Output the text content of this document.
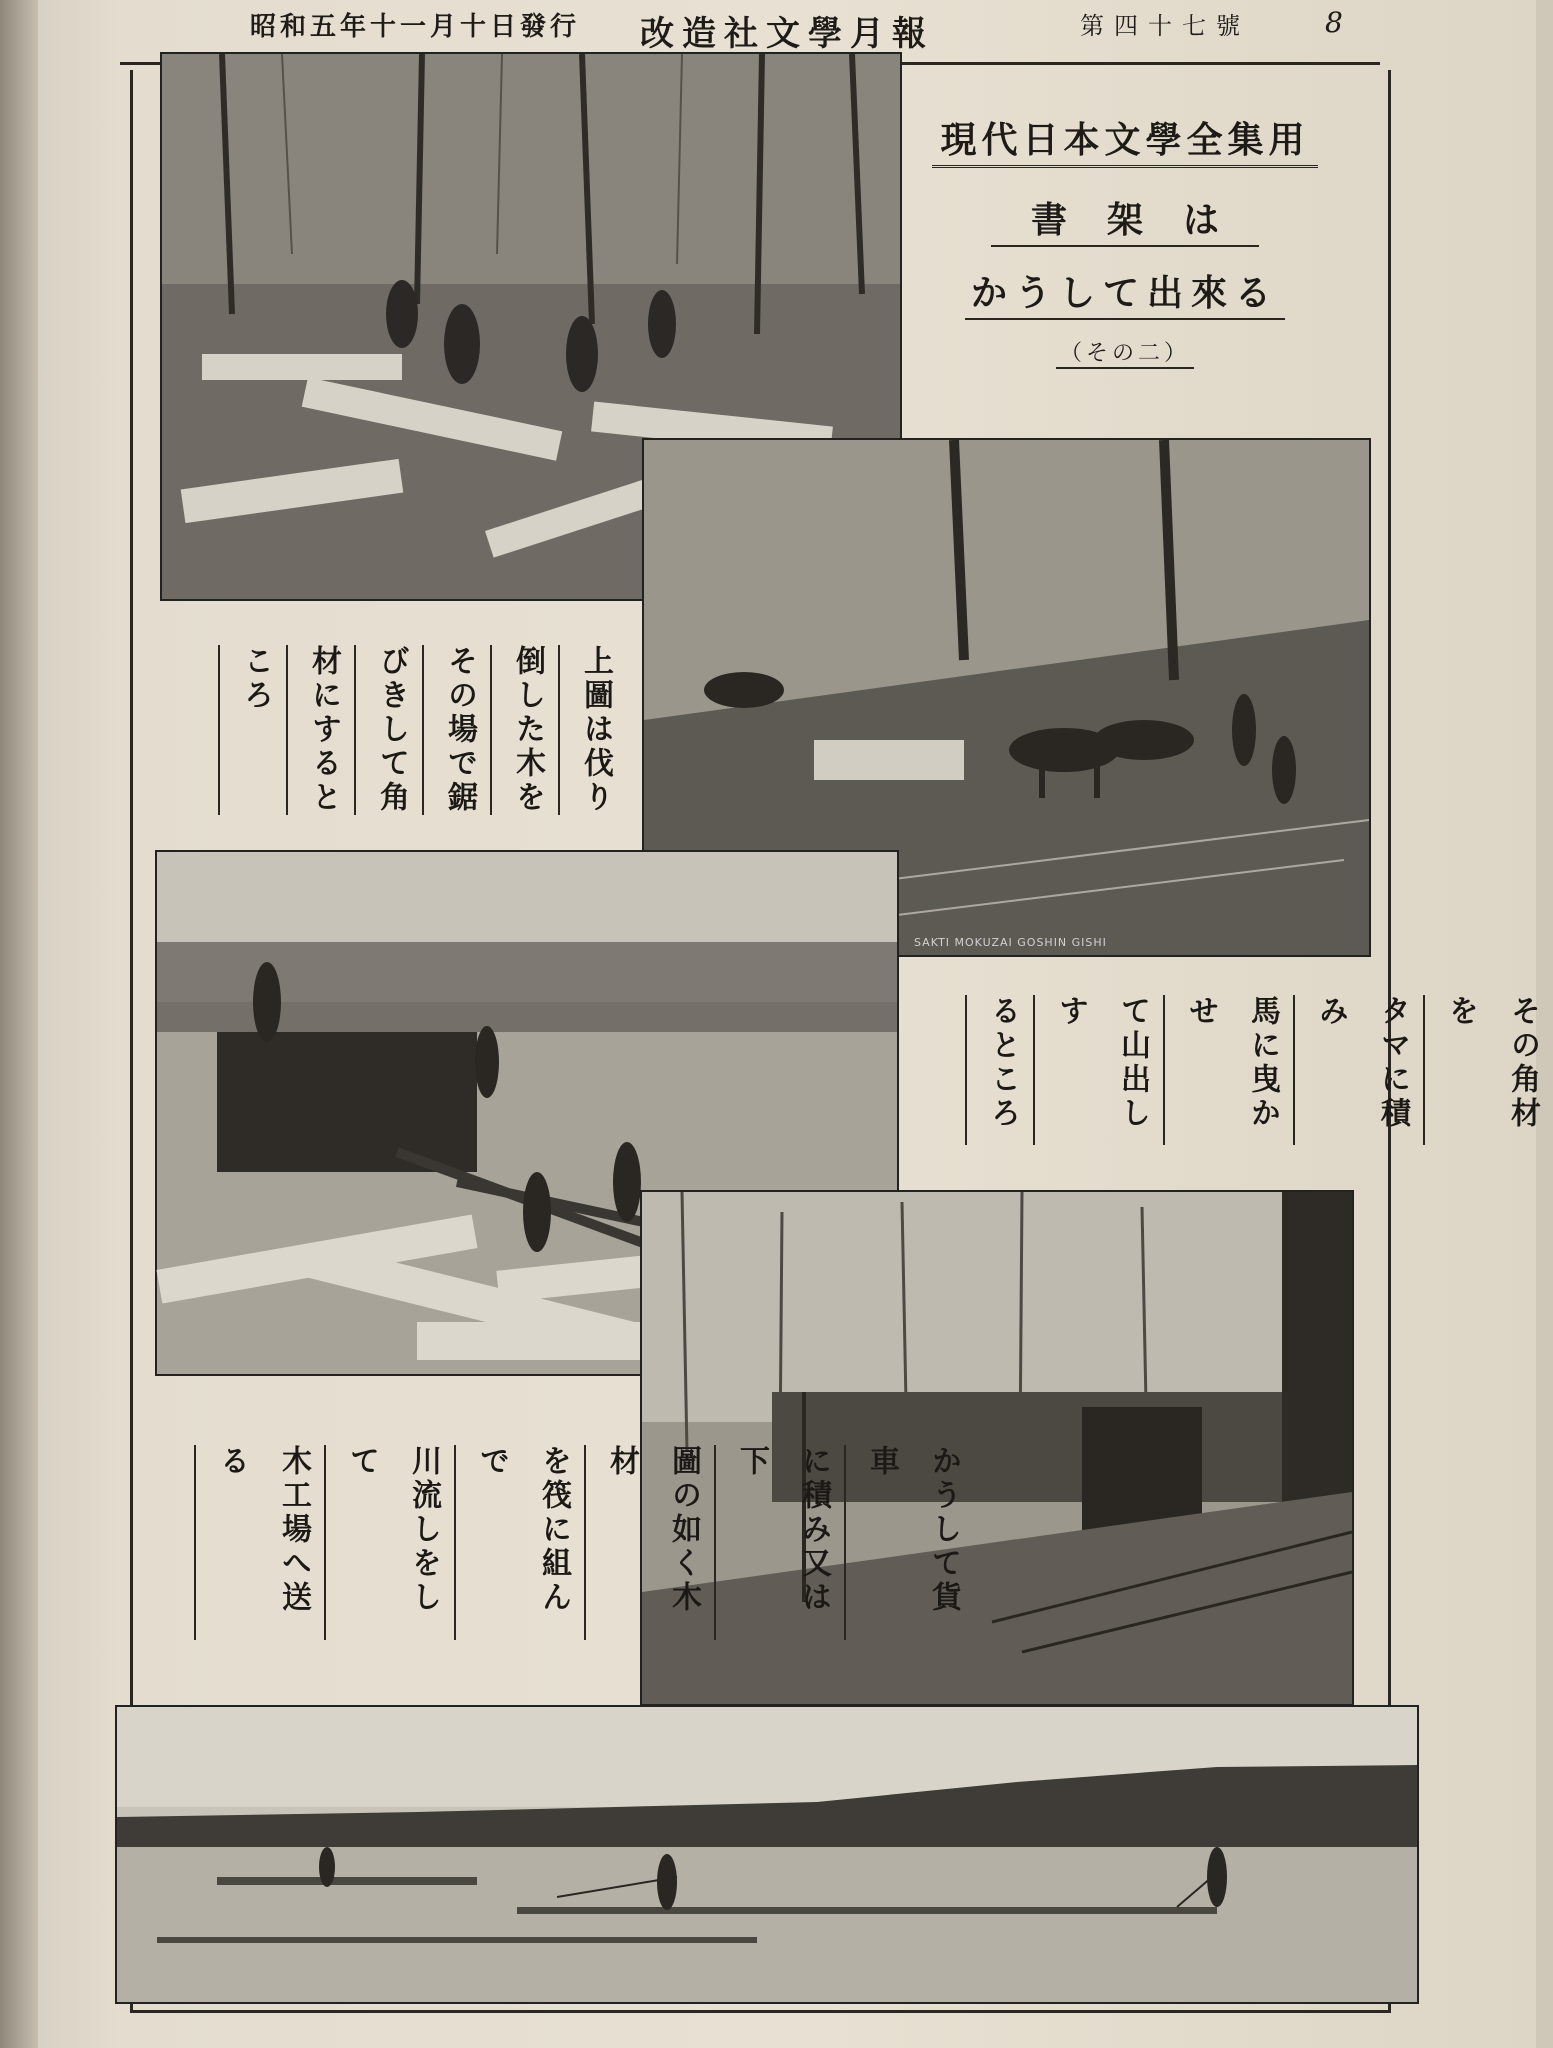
昭和五年十一月十日發行 改造社文學月報	第四十七號	8
現代日本文學全集用
書架は
かうして出來る
（その二）
SAKTI MOKUZAI GOSHIN GISHI
上圖は伐り
倒した木を
その場で鋸
びきして角
材にすると
ころ
その角材を
タマに積み
馬に曳かせ
て山出しす
るところ
かうして貨車
に積み又は下
圖の如く木材
を筏に組んで
川流しをして
木工場へ送る
